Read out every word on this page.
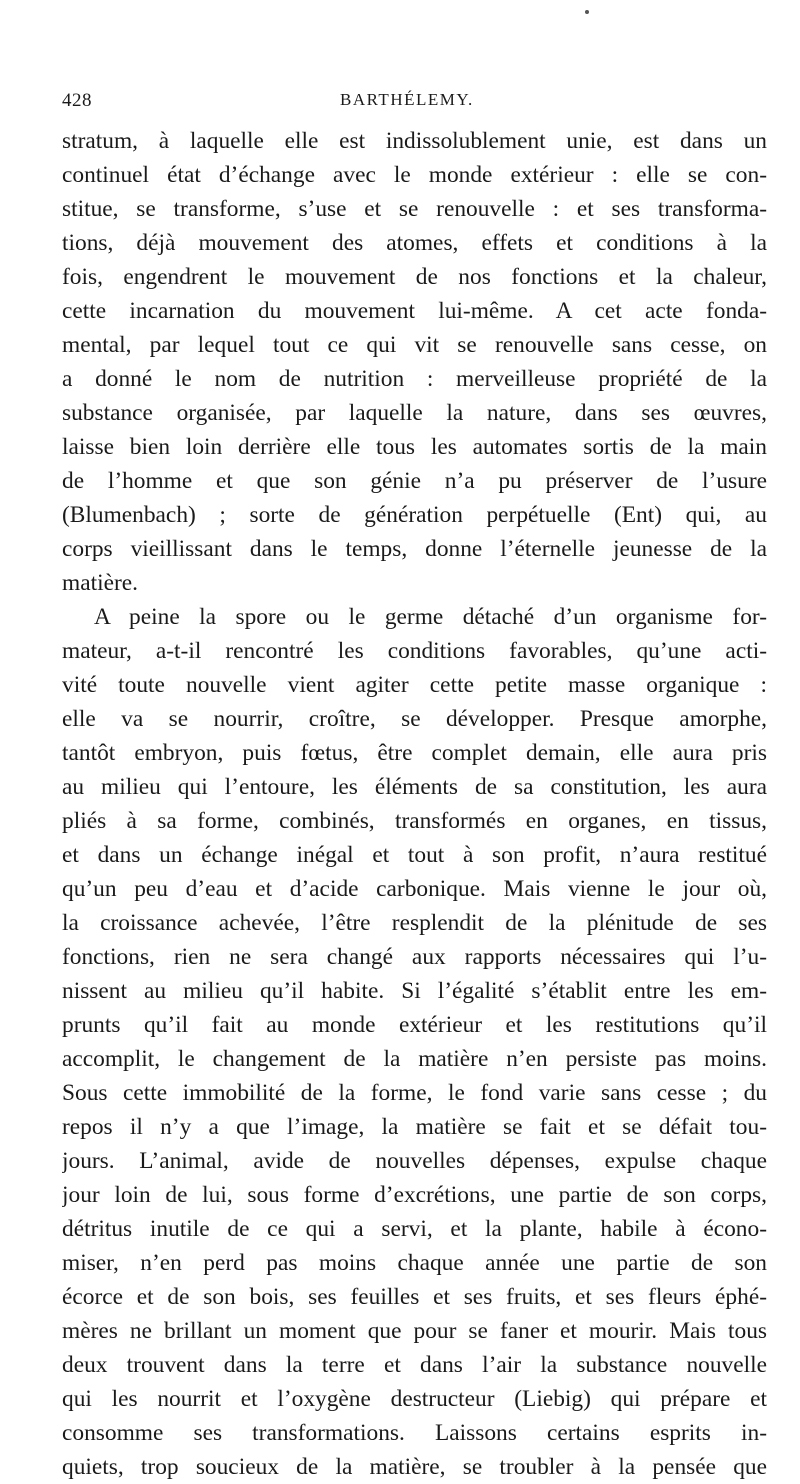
428	BARTHÉLEMY.
stratum, à laquelle elle est indissolublement unie, est dans un
continuel état d’échange avec le monde extérieur : elle se con-
stitue, se transforme, s’use et se renouvelle : et ses transforma-
tions, déjà mouvement des atomes, effets et conditions à la
fois, engendrent le mouvement de nos fonctions et la chaleur,
cette incarnation du mouvement lui-même. A cet acte fonda-
mental, par lequel tout ce qui vit se renouvelle sans cesse, on
a donné le nom de nutrition : merveilleuse propriété de la
substance organisée, par laquelle la nature, dans ses œuvres,
laisse bien loin derrière elle tous les automates sortis de la main
de l’homme et que son génie n’a pu préserver de l’usure
(Blumenbach) ; sorte de génération perpétuelle (Ent) qui, au
corps vieillissant dans le temps, donne l’éternelle jeunesse de la
matière.
A peine la spore ou le germe détaché d’un organisme for-
mateur, a-t-il rencontré les conditions favorables, qu’une acti-
vité toute nouvelle vient agiter cette petite masse organique :
elle va se nourrir, croître, se développer. Presque amorphe,
tantôt embryon, puis fœtus, être complet demain, elle aura pris
au milieu qui l’entoure, les éléments de sa constitution, les aura
pliés à sa forme, combinés, transformés en organes, en tissus,
et dans un échange inégal et tout à son profit, n’aura restitué
qu’un peu d’eau et d’acide carbonique. Mais vienne le jour où,
la croissance achevée, l’être resplendit de la plénitude de ses
fonctions, rien ne sera changé aux rapports nécessaires qui l’u-
nissent au milieu qu’il habite. Si l’égalité s’établit entre les em-
prunts qu’il fait au monde extérieur et les restitutions qu’il
accomplit, le changement de la matière n’en persiste pas moins.
Sous cette immobilité de la forme, le fond varie sans cesse ; du
repos il n’y a que l’image, la matière se fait et se défait tou-
jours. L’animal, avide de nouvelles dépenses, expulse chaque
jour loin de lui, sous forme d’excrétions, une partie de son corps,
détritus inutile de ce qui a servi, et la plante, habile à écono-
miser, n’en perd pas moins chaque année une partie de son
écorce et de son bois, ses feuilles et ses fruits, et ses fleurs éphé-
mères ne brillant un moment que pour se faner et mourir. Mais tous
deux trouvent dans la terre et dans l’air la substance nouvelle
qui les nourrit et l’oxygène destructeur (Liebig) qui prépare et
consomme ses transformations. Laissons certains esprits in-
quiets, trop soucieux de la matière, se troubler à la pensée que
